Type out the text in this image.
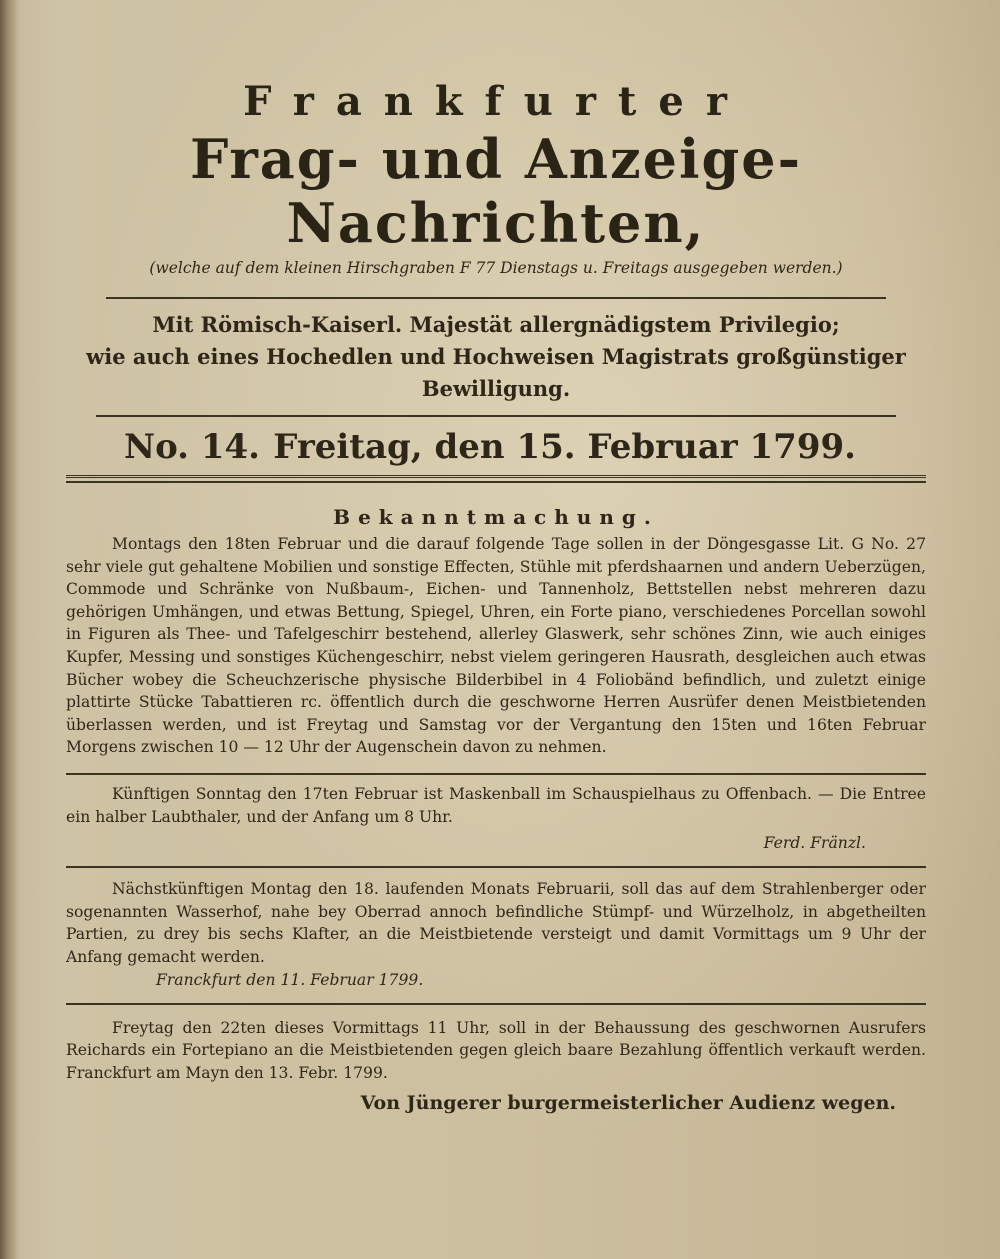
Frankfurter
Frag- und Anzeige-Nachrichten,
(welche auf dem kleinen Hirschgraben F 77 Dienstags u. Freitags ausgegeben werden.)
Mit Römisch-Kaiserl. Majestät allergnädigstem Privilegio;
wie auch eines Hochedlen und Hochweisen Magistrats großgünstiger Bewilligung.
No. 14. Freitag, den 15. Februar 1799.
Bekanntmachung.

Montags den 18ten Februar und die darauf folgende Tage sollen in der Döngesgasse Lit. G No. 27 sehr viele gut gehaltene Mobilien und sonstige Effecten, Stühle mit pferdshaarnen und andern Ueberzügen, Commode und Schränke von Nußbaum-, Eichen- und Tannenholz, Bettstellen nebst mehreren dazu gehörigen Umhängen, und etwas Bettung, Spiegel, Uhren, ein Forte piano, verschiedenes Porcellan sowohl in Figuren als Thee- und Tafelgeschirr bestehend, allerley Glaswerk, sehr schönes Zinn, wie auch einiges Kupfer, Messing und sonstiges Küchengeschirr, nebst vielem geringeren Hausrath, desgleichen auch etwas Bücher wobey die Scheuchzerische physische Bilderbibel in 4 Foliobänd befindlich, und zuletzt einige plattirte Stücke Tabattieren rc. öffentlich durch die geschworne Herren Ausrüfer denen Meistbietenden überlassen werden, und ist Freytag und Samstag vor der Vergantung den 15ten und 16ten Februar Morgens zwischen 10 — 12 Uhr der Augenschein davon zu nehmen.

Künftigen Sonntag den 17ten Februar ist Maskenball im Schauspielhaus zu Offenbach. — Die Entree ein halber Laubthaler, und der Anfang um 8 Uhr.

Ferd. Fränzl.

Nächstkünftigen Montag den 18. laufenden Monats Februarii, soll das auf dem Strahlenberger oder sogenannten Wasserhof, nahe bey Oberrad annoch befindliche Stümpf- und Würzelholz, in abgetheilten Partien, zu drey bis sechs Klafter, an die Meistbietende versteigt und damit Vormittags um 9 Uhr der Anfang gemacht werden.

Franckfurt den 11. Februar 1799.

Freytag den 22ten dieses Vormittags 11 Uhr, soll in der Behaussung des geschwornen Ausrufers Reichards ein Fortepiano an die Meistbietenden gegen gleich baare Bezahlung öffentlich verkauft werden. Franckfurt am Mayn den 13. Febr. 1799.

Von Jüngerer burgermeisterlicher Audienz wegen.
